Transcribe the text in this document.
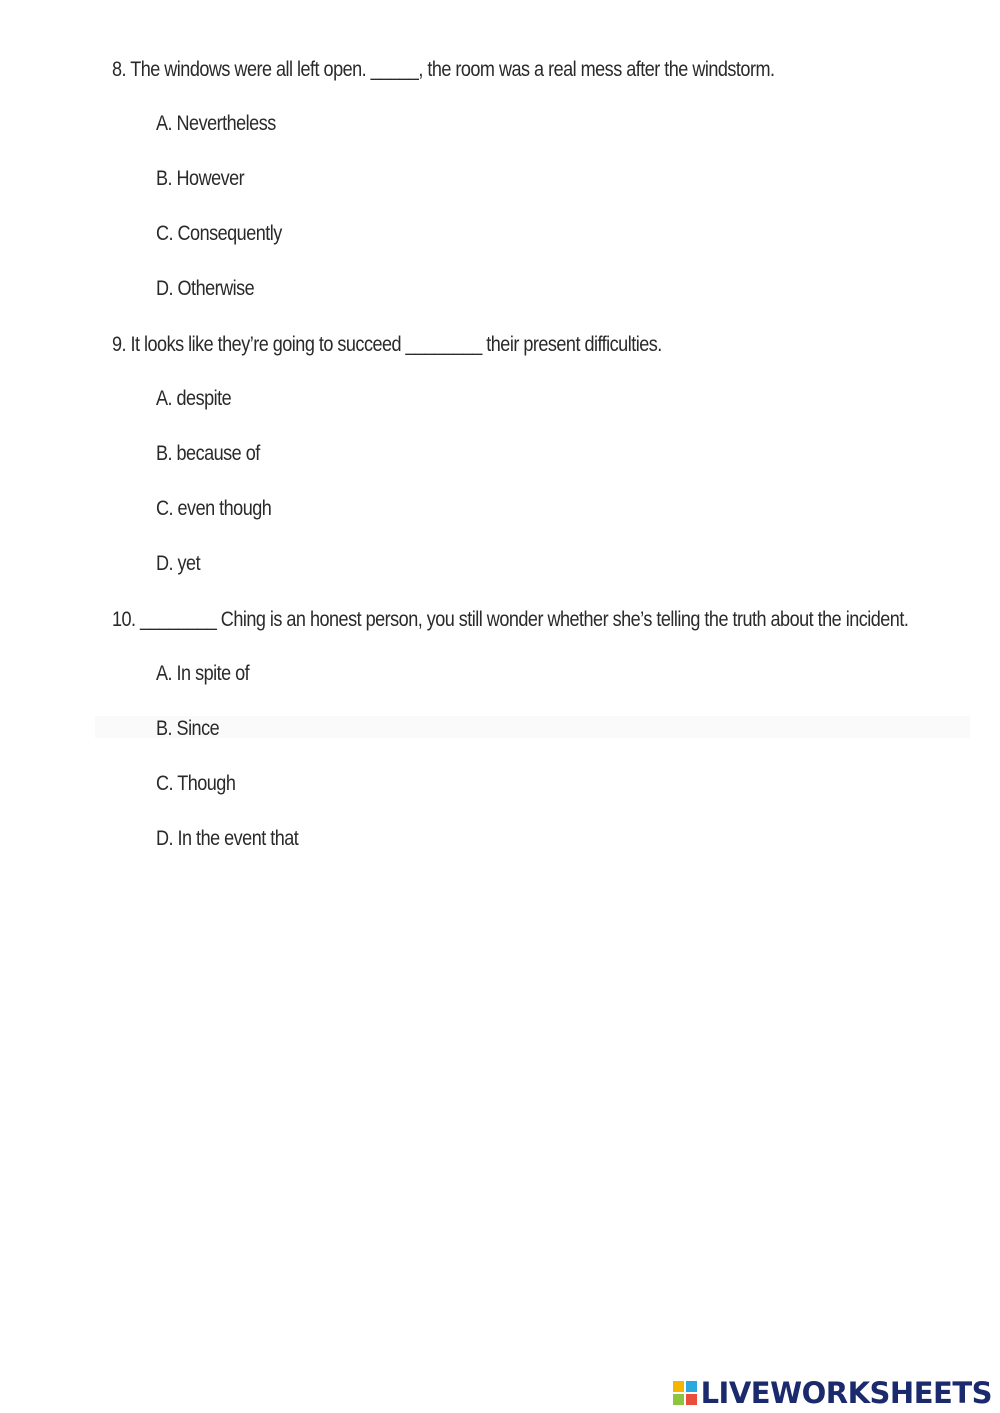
8. The windows were all left open. _____, the room was a real mess after the windstorm.
A. Nevertheless
B. However
C. Consequently
D. Otherwise
9. It looks like they’re going to succeed ________ their present difficulties.
A. despite
B. because of
C. even though
D. yet
10. ________ Ching is an honest person, you still wonder whether she’s telling the truth about the incident.
A. In spite of
B. Since
C. Though
D. In the event that
LIVEWORKSHEETS
